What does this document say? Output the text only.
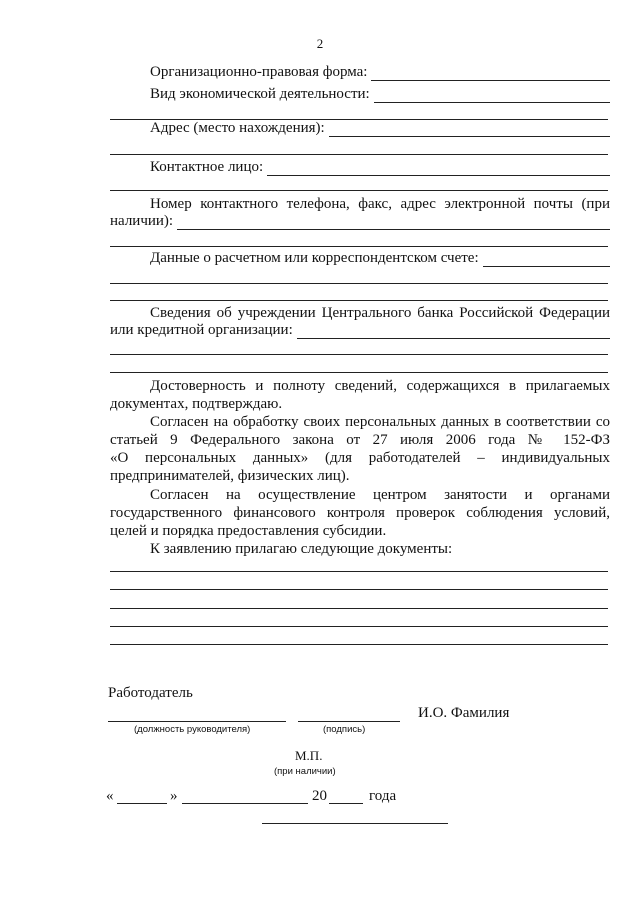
2
Организационно-правовая форма:
Вид экономической деятельности:
Адрес (место нахождения):
Контактное лицо:
Номер контактного телефона, факс, адрес электронной почты (при
наличии):
Данные о расчетном или корреспондентском счете:
Сведения об учреждении Центрального банка Российской Федерации
или кредитной организации:
Достоверность и полноту сведений, содержащихся в прилагаемых
документах, подтверждаю.
Согласен на обработку своих персональных данных в соответствии со
статьей 9 Федерального закона от 27 июля 2006 года № 152-ФЗ
«О персональных данных» (для работодателей – индивидуальных
предпринимателей, физических лиц).
Согласен на осуществление центром занятости и органами
государственного финансового контроля проверок соблюдения условий,
целей и порядка предоставления субсидии.
К заявлению прилагаю следующие документы:
Работодатель
И.О. Фамилия
(должность руководителя)	(подпись)
М.П.
(при наличии)
«	»	20	года
